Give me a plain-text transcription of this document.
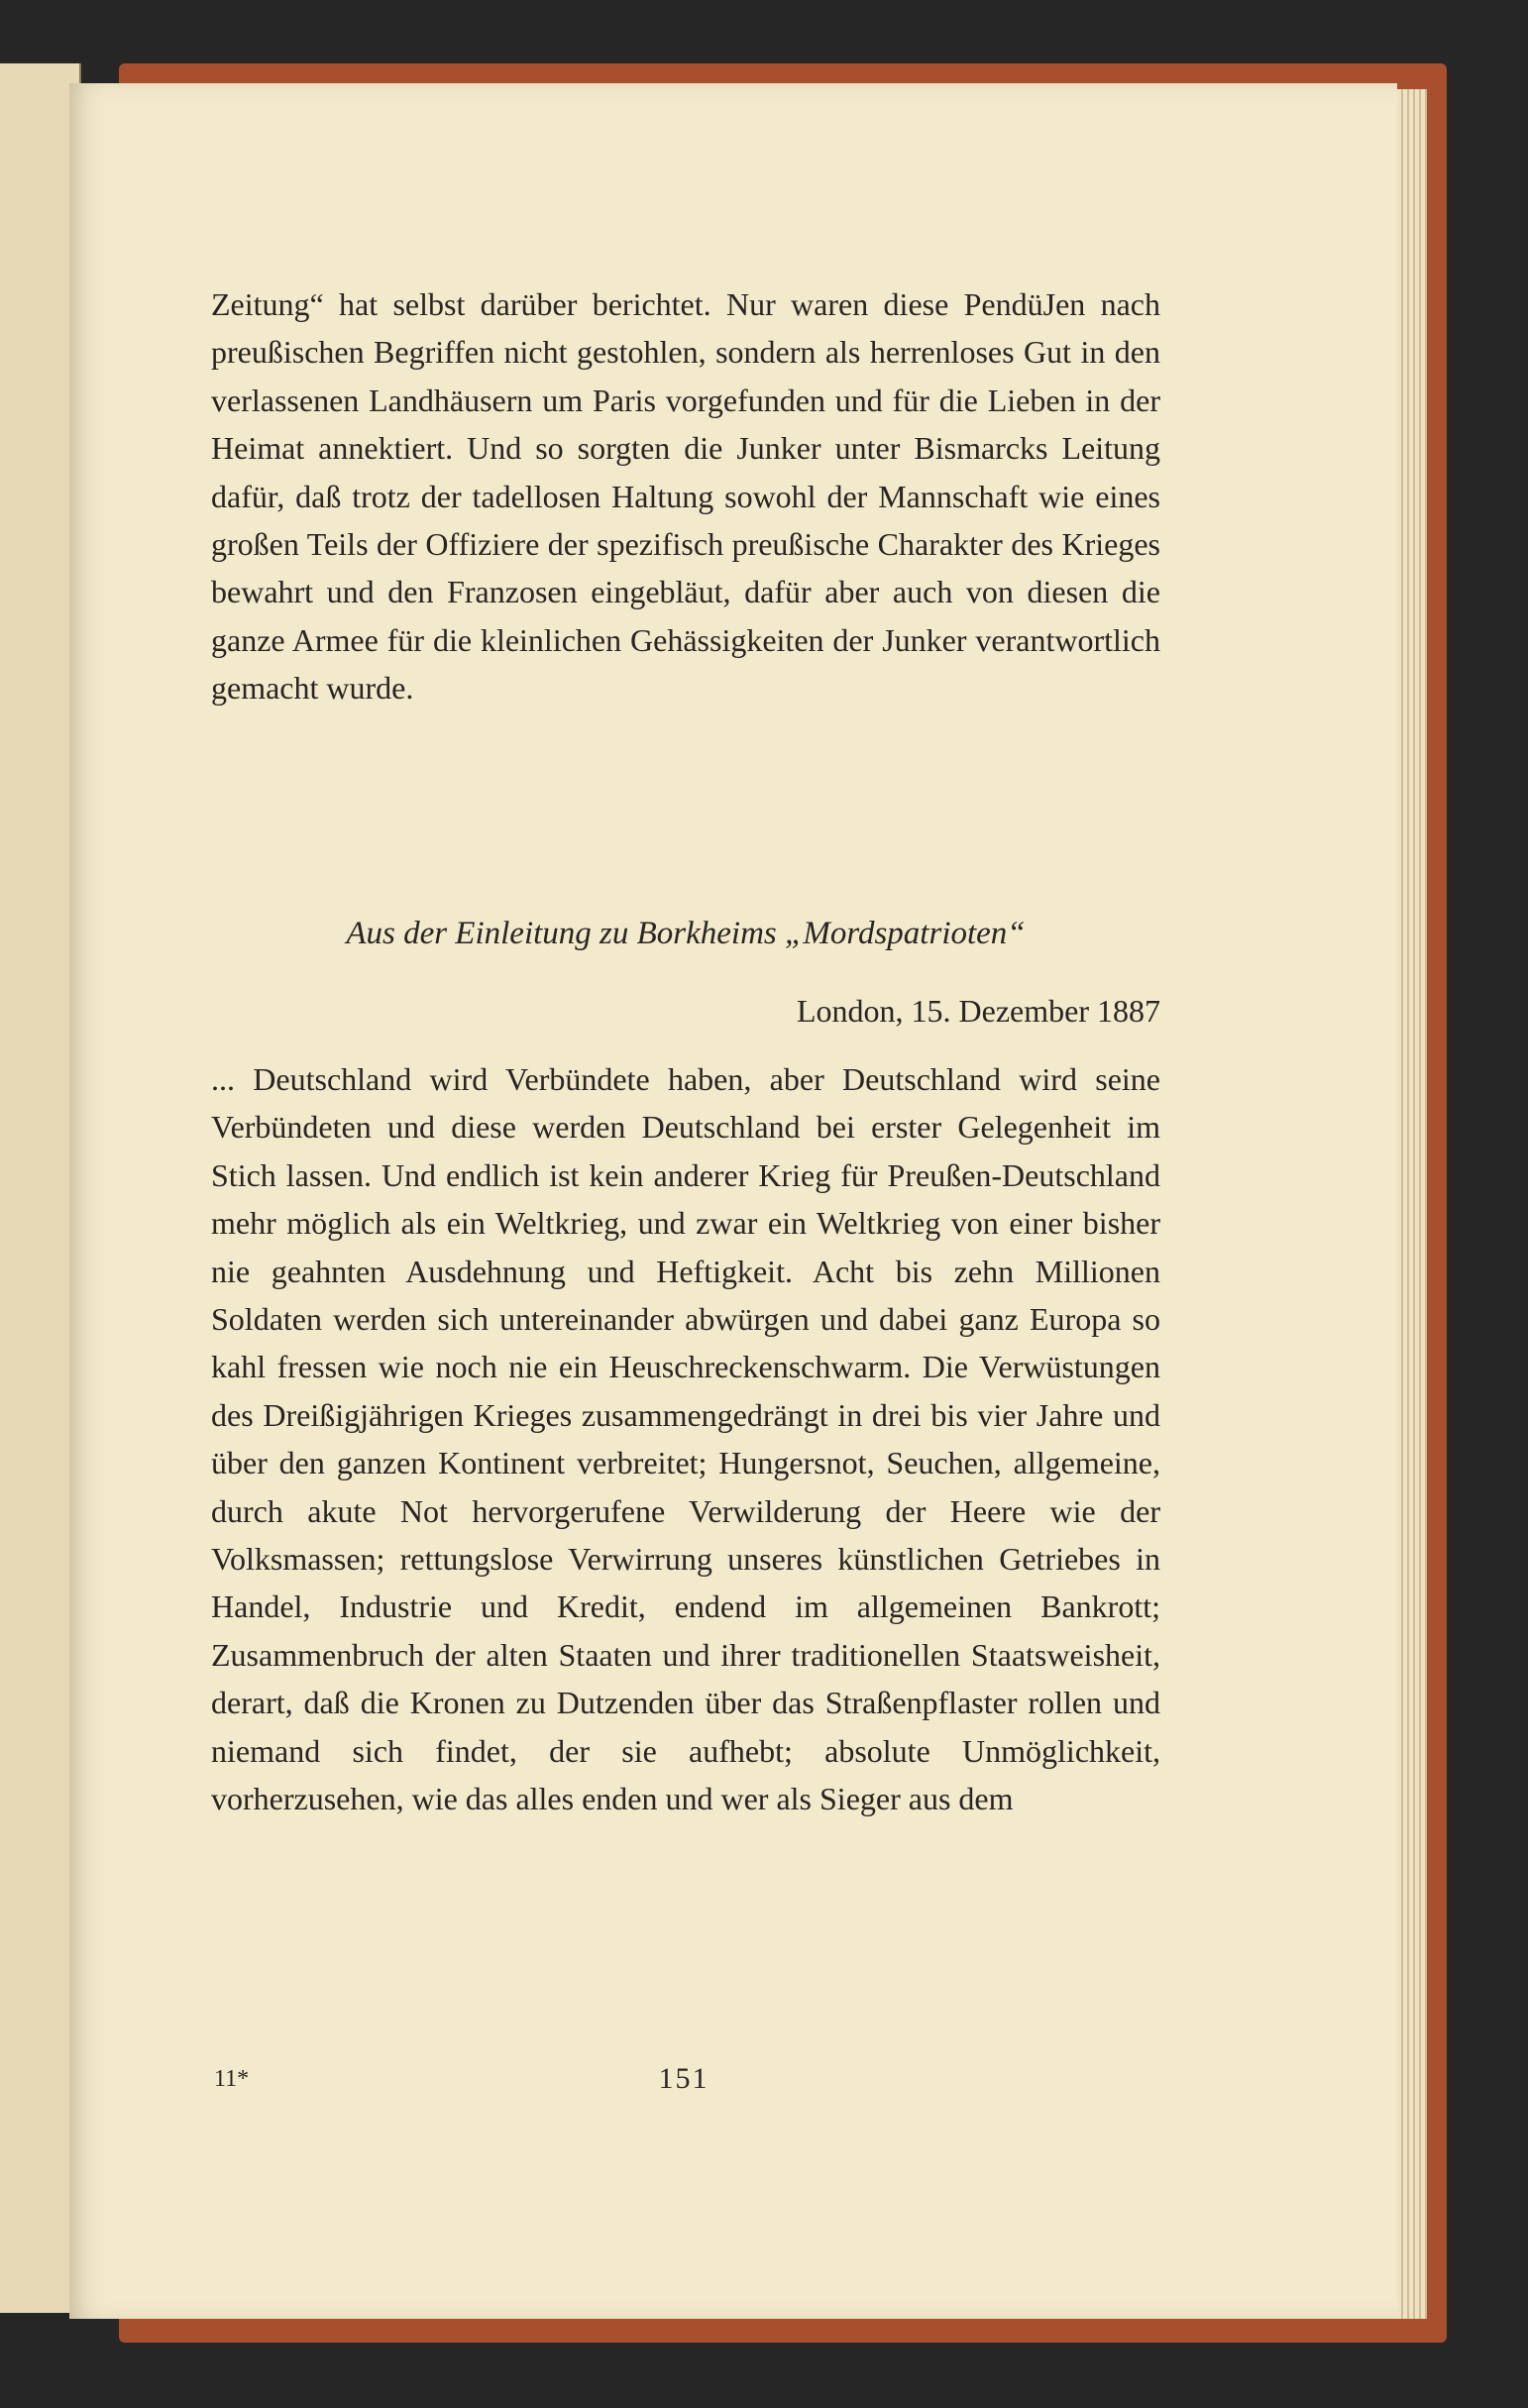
Zeitung“ hat selbst darüber berichtet. Nur waren diese PendüJen nach preußischen Begriffen nicht gestohlen, sondern als herrenloses Gut in den verlassenen Landhäusern um Paris vorgefunden und für die Lieben in der Heimat annektiert. Und so sorgten die Junker unter Bismarcks Leitung dafür, daß trotz der tadellosen Haltung sowohl der Mannschaft wie eines großen Teils der Offiziere der spezifisch preußische Charakter des Krieges bewahrt und den Franzosen eingebläut, dafür aber auch von diesen die ganze Armee für die kleinlichen Gehässigkeiten der Junker verantwortlich gemacht wurde.

Aus der Einleitung zu Borkheims „Mordspatrioten“

London, 15. Dezember 1887

... Deutschland wird Verbündete haben, aber Deutschland wird seine Verbündeten und diese werden Deutschland bei erster Gelegenheit im Stich lassen. Und endlich ist kein anderer Krieg für Preußen-Deutschland mehr möglich als ein Weltkrieg, und zwar ein Weltkrieg von einer bisher nie geahnten Ausdehnung und Heftigkeit. Acht bis zehn Millionen Soldaten werden sich untereinander abwürgen und dabei ganz Europa so kahl fressen wie noch nie ein Heuschreckenschwarm. Die Verwüstungen des Dreißigjährigen Krieges zusammengedrängt in drei bis vier Jahre und über den ganzen Kontinent verbreitet; Hungersnot, Seuchen, allgemeine, durch akute Not hervorgerufene Verwilderung der Heere wie der Volksmassen; rettungslose Verwirrung unseres künstlichen Getriebes in Handel, Industrie und Kredit, endend im allgemeinen Bankrott; Zusammenbruch der alten Staaten und ihrer traditionellen Staatsweisheit, derart, daß die Kronen zu Dutzenden über das Straßenpflaster rollen und niemand sich findet, der sie aufhebt; absolute Unmöglichkeit, vorherzusehen, wie das alles enden und wer als Sieger aus dem

11*	151
